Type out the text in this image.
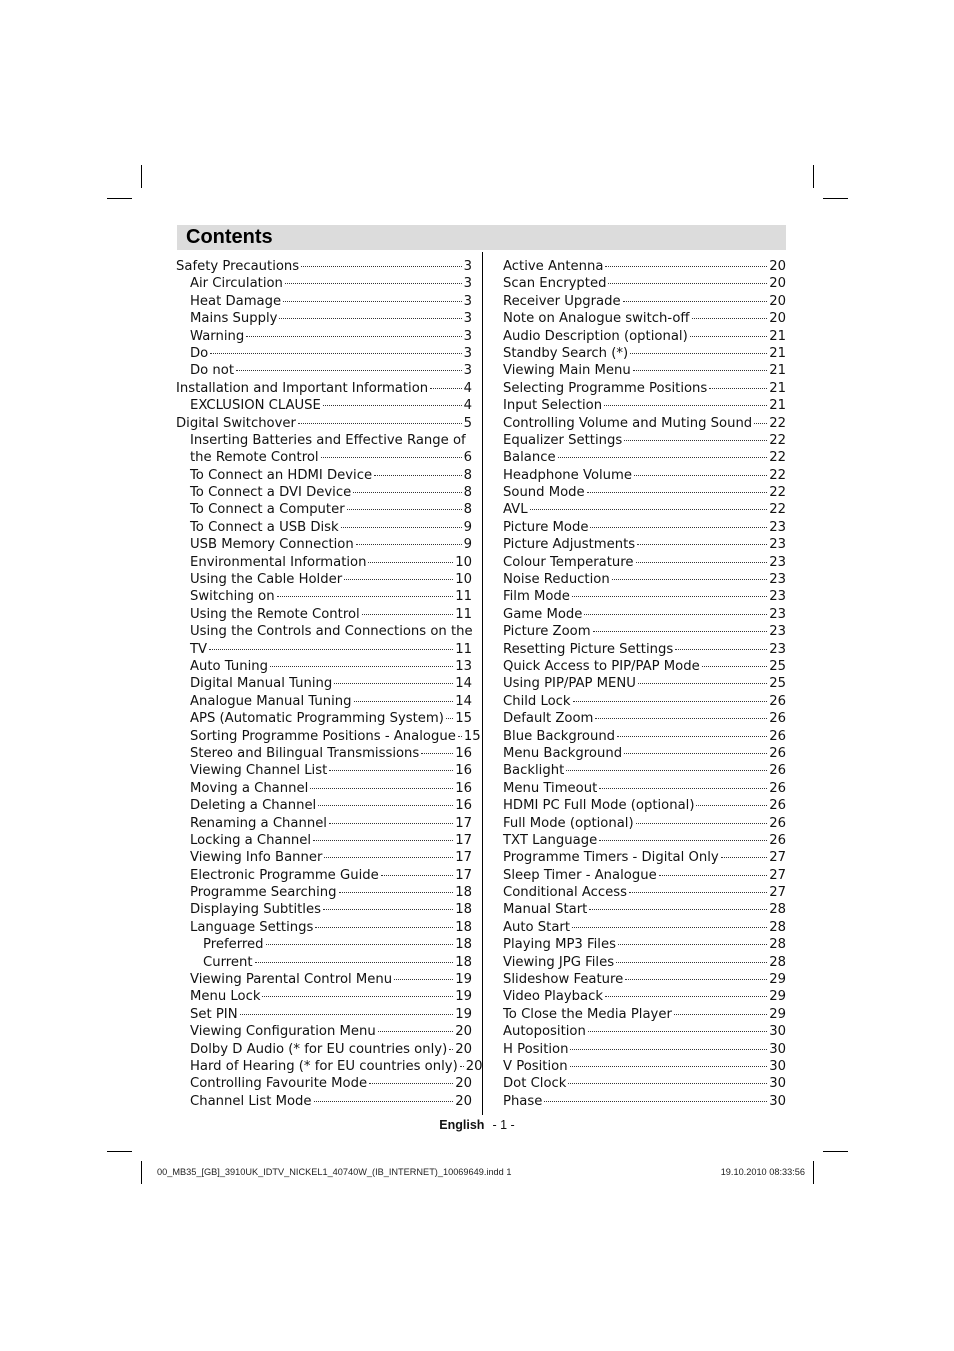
Contents
Safety Precautions	3
Air Circulation	3
Heat Damage	3
Mains Supply	3
Warning	3
Do	3
Do not	3
Installation and Important Information	4
EXCLUSION CLAUSE	4
Digital Switchover	5
Inserting Batteries and Effective Range of
the Remote Control	6
To Connect an HDMI Device	8
To Connect a DVI Device	8
To Connect a Computer	8
To Connect a USB Disk	9
USB Memory Connection	9
Environmental Information	10
Using the Cable Holder	10
Switching on	11
Using the Remote Control	11
Using the Controls and Connections on the
TV	11
Auto Tuning	13
Digital Manual Tuning	14
Analogue Manual Tuning	14
APS (Automatic Programming System) 15
Sorting Programme Positions - Analogue 15
Stereo and Bilingual Transmissions	16
Viewing Channel List	16
Moving a Channel	16
Deleting a Channel	16
Renaming a Channel	17
Locking a Channel	17
Viewing Info Banner	17
Electronic Programme Guide	17
Programme Searching	18
Displaying Subtitles	18
Language Settings	18
Preferred	18
Current	18
Viewing Parental Control Menu	19
Menu Lock	19
Set PIN	19
Viewing Configuration Menu	20
Dolby D Audio (* for EU countries only) 20
Hard of Hearing (* for EU countries only) 20
Controlling Favourite Mode	20
Channel List Mode	20
Active Antenna	20
Scan Encrypted	20
Receiver Upgrade	20
Note on Analogue switch-off	20
Audio Description (optional)	21
Standby Search (*)	21
Viewing Main Menu	21
Selecting Programme Positions	21
Input Selection	21
Controlling Volume and Muting Sound 22
Equalizer Settings	22
Balance	22
Headphone Volume	22
Sound Mode	22
AVL	22
Picture Mode	23
Picture Adjustments	23
Colour Temperature	23
Noise Reduction	23
Film Mode	23
Game Mode	23
Picture Zoom	23
Resetting Picture Settings	23
Quick Access to PIP/PAP Mode	25
Using PIP/PAP MENU	25
Child Lock	26
Default Zoom	26
Blue Background	26
Menu Background	26
Backlight	26
Menu Timeout	26
HDMI PC Full Mode (optional)	26
Full Mode (optional)	26
TXT Language	26
Programme Timers - Digital Only	27
Sleep Timer - Analogue	27
Conditional Access	27
Manual Start	28
Auto Start	28
Playing MP3 Files	28
Viewing JPG Files	28
Slideshow Feature	29
Video Playback	29
To Close the Media Player	29
Autoposition	30
H Position	30
V Position	30
Dot Clock	30
Phase	30
English - 1 -
00_MB35_[GB]_3910UK_IDTV_NICKEL1_40740W_(IB_INTERNET)_10069649.indd 1	19.10.2010 08:33:56
